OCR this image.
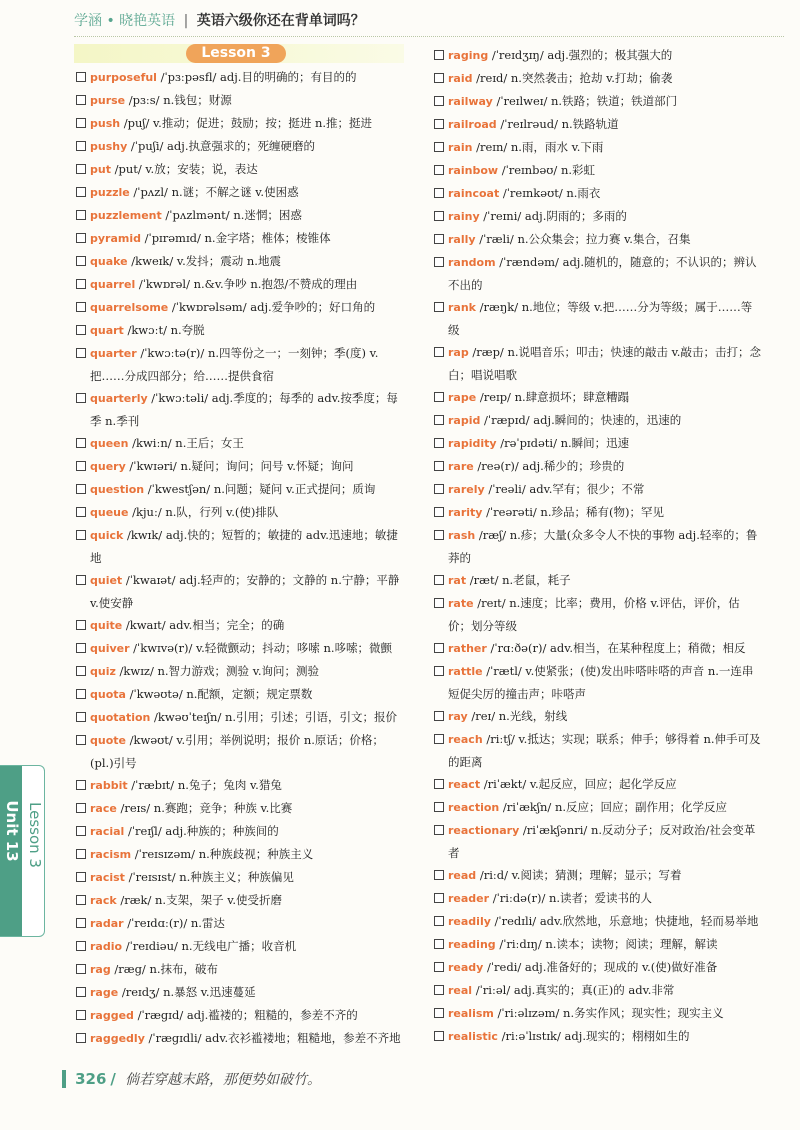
学涵 • 晓艳英语 | 英语六级你还在背单词吗？
Lesson 3
purposeful /ˈpɜːpəsfl/ adj.目的明确的；有目的的
purse /pɜːs/ n.钱包；财源
push /puʃ/ v.推动；促进；鼓励；按；挺进 n.推；挺进
pushy /ˈpuʃi/ adj.执意强求的；死缠硬磨的
put /put/ v.放；安装；说，表达
puzzle /ˈpʌzl/ n.谜；不解之谜 v.使困惑
puzzlement /ˈpʌzlmənt/ n.迷惘；困惑
pyramid /ˈpɪrəmɪd/ n.金字塔；椎体；棱锥体
quake /kweɪk/ v.发抖；震动 n.地震
quarrel /ˈkwɒrəl/ n.&v.争吵 n.抱怨/不赞成的理由
quarrelsome /ˈkwɒrəlsəm/ adj.爱争吵的；好口角的
quart /kwɔːt/ n.夸脱
quarter /ˈkwɔːtə(r)/ n.四等份之一；一刻钟；季(度) v.把……分成四部分；给……提供食宿
quarterly /ˈkwɔːtəli/ adj.季度的；每季的 adv.按季度；每季 n.季刊
queen /kwiːn/ n.王后；女王
query /ˈkwɪəri/ n.疑问；询问；问号 v.怀疑；询问
question /ˈkwestʃən/ n.问题；疑问 v.正式提问；质询
queue /kjuː/ n.队，行列 v.(使)排队
quick /kwɪk/ adj.快的；短暂的；敏捷的 adv.迅速地；敏捷地
quiet /ˈkwaɪət/ adj.轻声的；安静的；文静的 n.宁静；平静 v.使安静
quite /kwaɪt/ adv.相当；完全；的确
quiver /ˈkwɪvə(r)/ v.轻微颤动；抖动；哆嗦 n.哆嗦；微颤
quiz /kwɪz/ n.智力游戏；测验 v.询问；测验
quota /ˈkwəʊtə/ n.配额，定额；规定票数
quotation /kwəʊˈteɪʃn/ n.引用；引述；引语，引文；报价
quote /kwəʊt/ v.引用；举例说明；报价 n.原话；价格；(pl.)引号
rabbit /ˈræbɪt/ n.兔子；兔肉 v.猎兔
race /reɪs/ n.赛跑；竞争；种族 v.比赛
racial /ˈreɪʃl/ adj.种族的；种族间的
racism /ˈreɪsɪzəm/ n.种族歧视；种族主义
racist /ˈreɪsɪst/ n.种族主义；种族偏见
rack /ræk/ n.支架，架子 v.使受折磨
radar /ˈreɪdɑː(r)/ n.雷达
radio /ˈreɪdiəu/ n.无线电广播；收音机
rag /ræg/ n.抹布，破布
rage /reɪdʒ/ n.暴怒 v.迅速蔓延
ragged /ˈrægɪd/ adj.褴褛的；粗糙的，参差不齐的
raggedly /ˈrægɪdli/ adv.衣衫褴褛地；粗糙地，参差不齐地
raging /ˈreɪdʒɪŋ/ adj.强烈的；极其强大的
raid /reɪd/ n.突然袭击；抢劫 v.打劫；偷袭
railway /ˈreɪlweɪ/ n.铁路；铁道；铁道部门
railroad /ˈreɪlrəud/ n.铁路轨道
rain /reɪn/ n.雨，雨水 v.下雨
rainbow /ˈreɪnbəʊ/ n.彩虹
raincoat /ˈreɪnkəʊt/ n.雨衣
rainy /ˈreɪni/ adj.阴雨的；多雨的
rally /ˈræli/ n.公众集会；拉力赛 v.集合，召集
random /ˈrændəm/ adj.随机的，随意的；不认识的；辨认不出的
rank /ræŋk/ n.地位；等级 v.把……分为等级；属于……等级
rap /ræp/ n.说唱音乐；叩击；快速的敲击 v.敲击；击打；念白；唱说唱歌
rape /reɪp/ n.肆意损坏；肆意糟蹋
rapid /ˈræpɪd/ adj.瞬间的；快速的，迅速的
rapidity /rəˈpɪdəti/ n.瞬间；迅速
rare /reə(r)/ adj.稀少的；珍贵的
rarely /ˈreəli/ adv.罕有；很少；不常
rarity /ˈreərəti/ n.珍品；稀有(物)；罕见
rash /ræʃ/ n.疹；大量(众多令人不快的事物 adj.轻率的；鲁莽的
rat /ræt/ n.老鼠，耗子
rate /reɪt/ n.速度；比率；费用，价格 v.评估，评价，估价；划分等级
rather /ˈrɑːðə(r)/ adv.相当，在某种程度上；稍微；相反
rattle /ˈrætl/ v.使紧张；(使)发出咔嗒咔嗒的声音 n.一连串短促尖厉的撞击声；咔嗒声
ray /reɪ/ n.光线，射线
reach /riːtʃ/ v.抵达；实现；联系；伸手；够得着 n.伸手可及的距离
react /riˈækt/ v.起反应，回应；起化学反应
reaction /riˈækʃn/ n.反应；回应；副作用；化学反应
reactionary /riˈækʃənri/ n.反动分子；反对政治/社会变革者
read /riːd/ v.阅读；猜测；理解；显示；写着
reader /ˈriːdə(r)/ n.读者；爱读书的人
readily /ˈredɪli/ adv.欣然地，乐意地；快捷地，轻而易举地
reading /ˈriːdɪŋ/ n.读本；读物；阅读；理解，解读
ready /ˈredi/ adj.准备好的；现成的 v.(使)做好准备
real /ˈriːəl/ adj.真实的；真(正)的 adv.非常
realism /ˈriːəlɪzəm/ n.务实作风；现实性；现实主义
realistic /riːəˈlɪstɪk/ adj.现实的；栩栩如生的
Unit 13 Lesson 3
326 / 倘若穿越末路，那便势如破竹。
